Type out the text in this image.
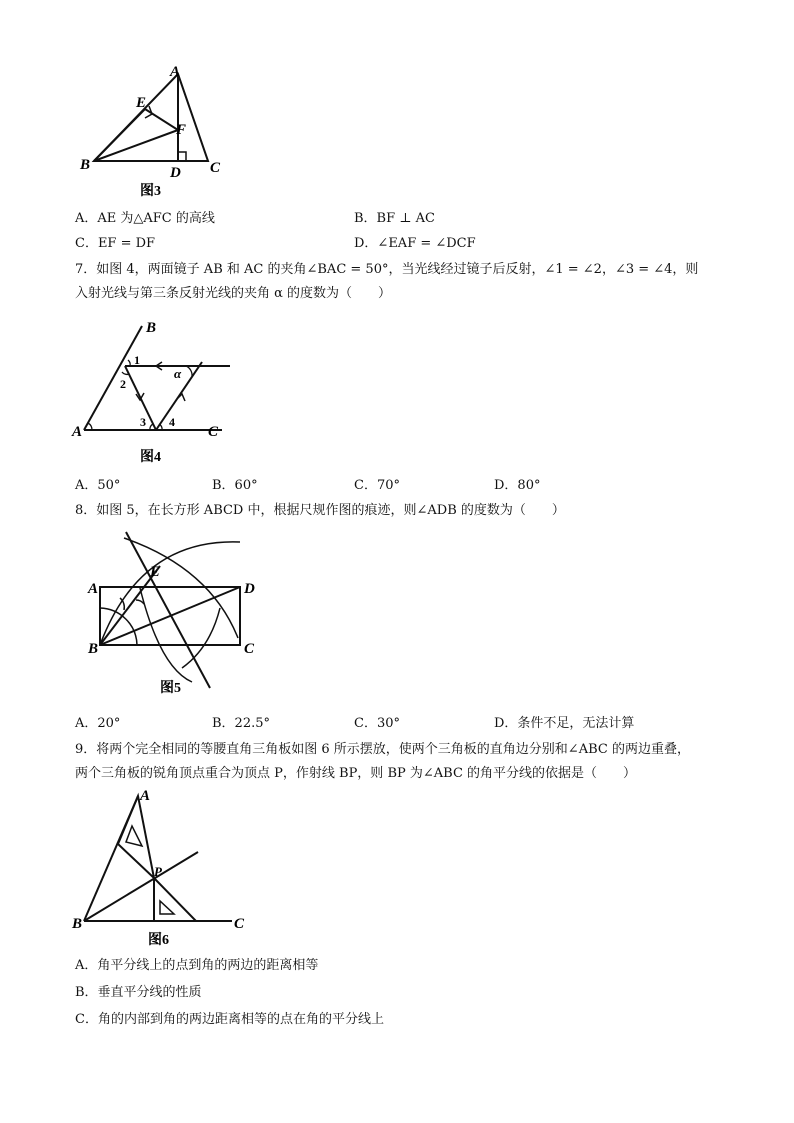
A
E
F
B	C
D
图3
A．AE 为△AFC 的高线	B．BF ⊥ AC
C．EF = DF	D．∠EAF = ∠DCF
7．如图 4，两面镜子 AB 和 AC 的夹角∠BAC = 50°，当光线经过镜子后反射，∠1 = ∠2，∠3 = ∠4，则
入射光线与第三条反射光线的夹角 α 的度数为（　　）
B
1
2
3 4
α
A	C
图4
A．50°	B．60°	C．70°	D．80°
8．如图 5，在长方形 ABCD 中，根据尺规作图的痕迹，则∠ADB 的度数为（　　）
E
A	D
B	C
图5
A．20°	B．22.5°	C．30°	D．条件不足，无法计算
9．将两个完全相同的等腰直角三角板如图 6 所示摆放，使两个三角板的直角边分别和∠ABC 的两边重叠，
两个三角板的锐角顶点重合为顶点 P，作射线 BP，则 BP 为∠ABC 的角平分线的依据是（　　）
A
P
B	C
图6
A．角平分线上的点到角的两边的距离相等
B．垂直平分线的性质
C．角的内部到角的两边距离相等的点在角的平分线上
